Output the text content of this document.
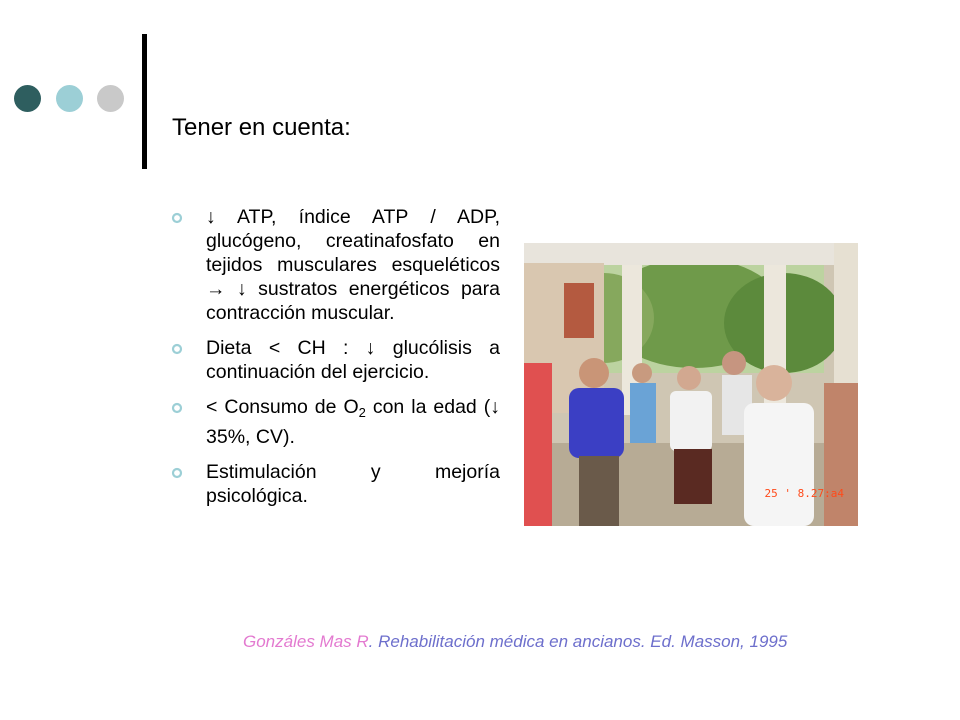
Tener en cuenta:
↓ ATP, índice ATP / ADP, glucógeno, creatinafosfato en tejidos musculares esqueléticos → ↓ sustratos energéticos para contracción muscular.
Dieta < CH : ↓ glucólisis a continuación del ejercicio.
< Consumo de $O_2$ con la edad (↓ 35%, CV).
Estimulación y mejoría psicológica.	25 ' 8.27:a4
Gonzáles Mas R. Rehabilitación médica en ancianos. Ed. Masson, 1995
